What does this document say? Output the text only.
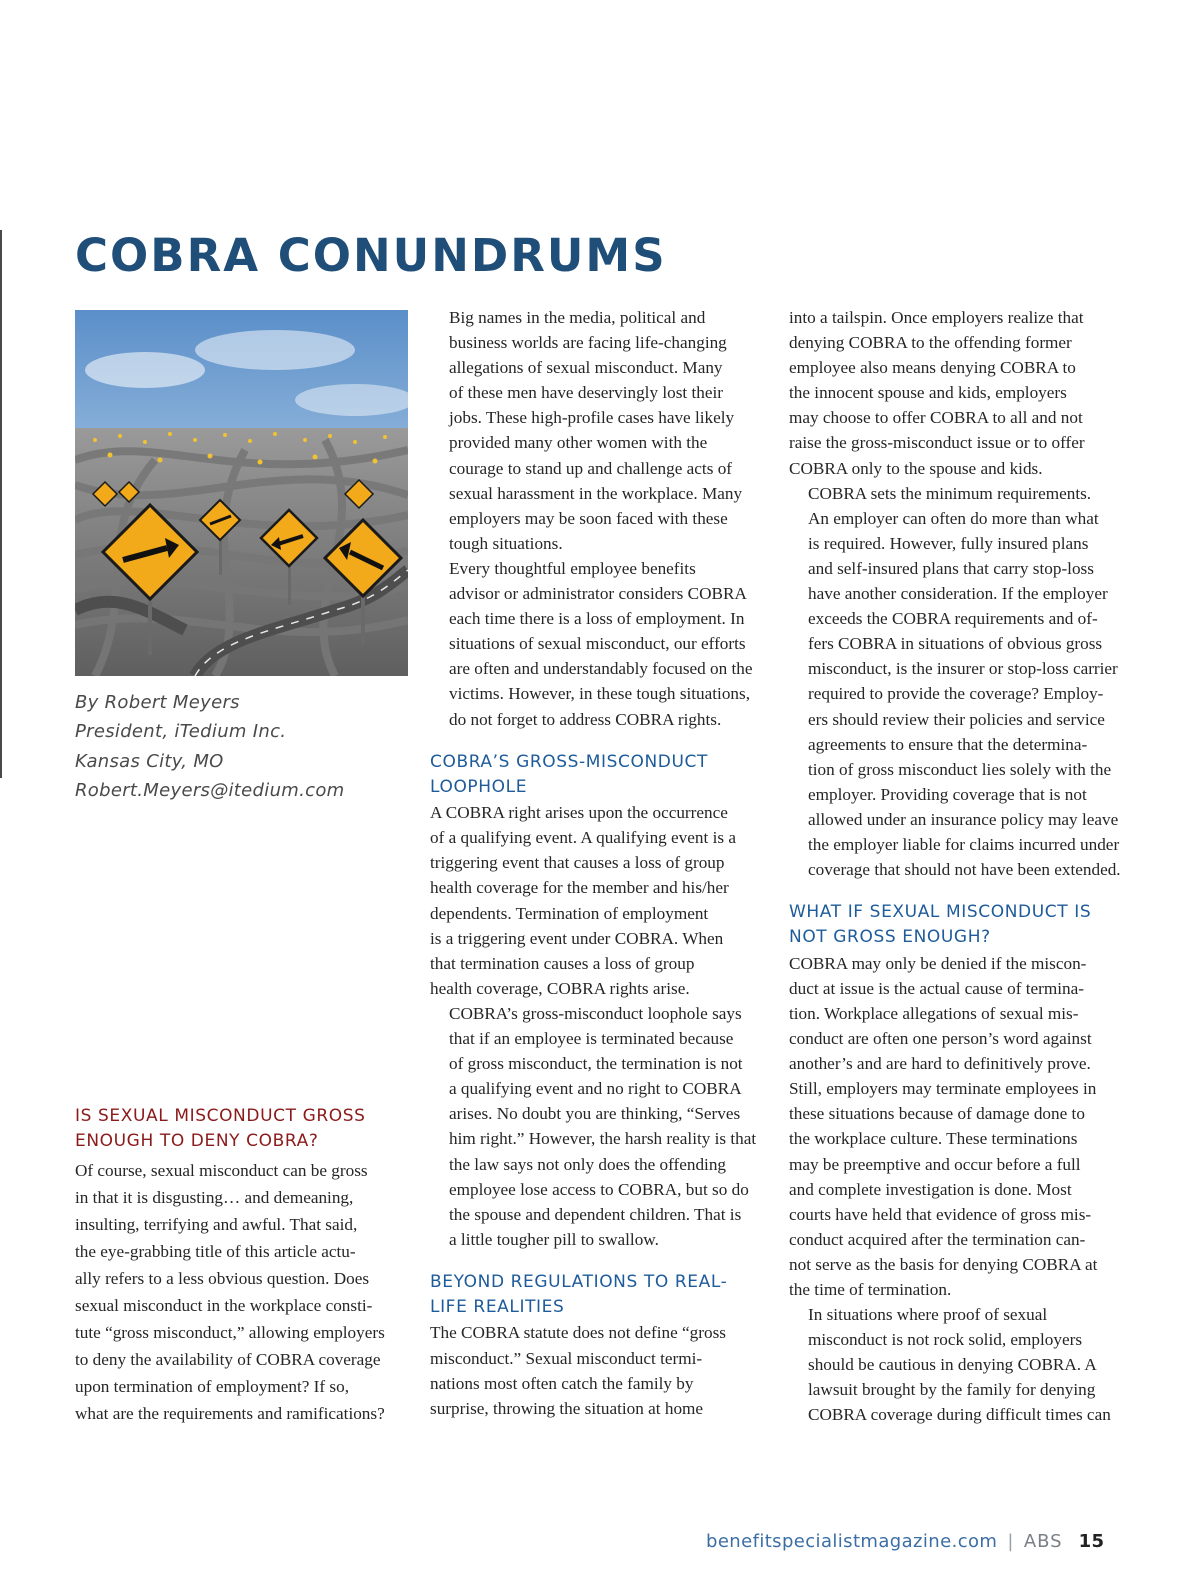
COBRA CONUNDRUMS
By Robert Meyers
President, iTedium Inc.
Kansas City, MO
Robert.Meyers@itedium.com
IS SEXUAL MISCONDUCT GROSS
ENOUGH TO DENY COBRA?

Of course, sexual misconduct can be gross
in that it is disgusting… and demeaning,
insulting, terrifying and awful. That said,
the eye-grabbing title of this article actu-
ally refers to a less obvious question. Does
sexual misconduct in the workplace consti-
tute “gross misconduct,” allowing employers
to deny the availability of COBRA coverage
upon termination of employment? If so,
what are the requirements and ramifications?

Big names in the media, political and
business worlds are facing life-changing
allegations of sexual misconduct. Many
of these men have deservingly lost their
jobs. These high-profile cases have likely
provided many other women with the
courage to stand up and challenge acts of
sexual harassment in the workplace. Many
employers may be soon faced with these
tough situations.

Every thoughtful employee benefits
advisor or administrator considers COBRA
each time there is a loss of employment. In
situations of sexual misconduct, our efforts
are often and understandably focused on the
victims. However, in these tough situations,
do not forget to address COBRA rights.

COBRA’S GROSS-MISCONDUCT
LOOPHOLE

A COBRA right arises upon the occurrence
of a qualifying event. A qualifying event is a
triggering event that causes a loss of group
health coverage for the member and his/her
dependents. Termination of employment
is a triggering event under COBRA. When
that termination causes a loss of group
health coverage, COBRA rights arise.

COBRA’s gross-misconduct loophole says
that if an employee is terminated because
of gross misconduct, the termination is not
a qualifying event and no right to COBRA
arises. No doubt you are thinking, “Serves
him right.” However, the harsh reality is that
the law says not only does the offending
employee lose access to COBRA, but so do
the spouse and dependent children. That is
a little tougher pill to swallow.

BEYOND REGULATIONS TO REAL-
LIFE REALITIES

The COBRA statute does not define “gross
misconduct.” Sexual misconduct termi-
nations most often catch the family by
surprise, throwing the situation at home

into a tailspin. Once employers realize that
denying COBRA to the offending former
employee also means denying COBRA to
the innocent spouse and kids, employers
may choose to offer COBRA to all and not
raise the gross-misconduct issue or to offer
COBRA only to the spouse and kids.

COBRA sets the minimum requirements.
An employer can often do more than what
is required. However, fully insured plans
and self-insured plans that carry stop-loss
have another consideration. If the employer
exceeds the COBRA requirements and of-
fers COBRA in situations of obvious gross
misconduct, is the insurer or stop-loss carrier
required to provide the coverage? Employ-
ers should review their policies and service
agreements to ensure that the determina-
tion of gross misconduct lies solely with the
employer. Providing coverage that is not
allowed under an insurance policy may leave
the employer liable for claims incurred under
coverage that should not have been extended.

WHAT IF SEXUAL MISCONDUCT IS
NOT GROSS ENOUGH?

COBRA may only be denied if the miscon-
duct at issue is the actual cause of termina-
tion. Workplace allegations of sexual mis-
conduct are often one person’s word against
another’s and are hard to definitively prove.
Still, employers may terminate employees in
these situations because of damage done to
the workplace culture. These terminations
may be preemptive and occur before a full
and complete investigation is done. Most
courts have held that evidence of gross mis-
conduct acquired after the termination can-
not serve as the basis for denying COBRA at
the time of termination.

In situations where proof of sexual
misconduct is not rock solid, employers
should be cautious in denying COBRA. A
lawsuit brought by the family for denying
COBRA coverage during difficult times can

benefitspecialistmagazine.com | ABS 15
